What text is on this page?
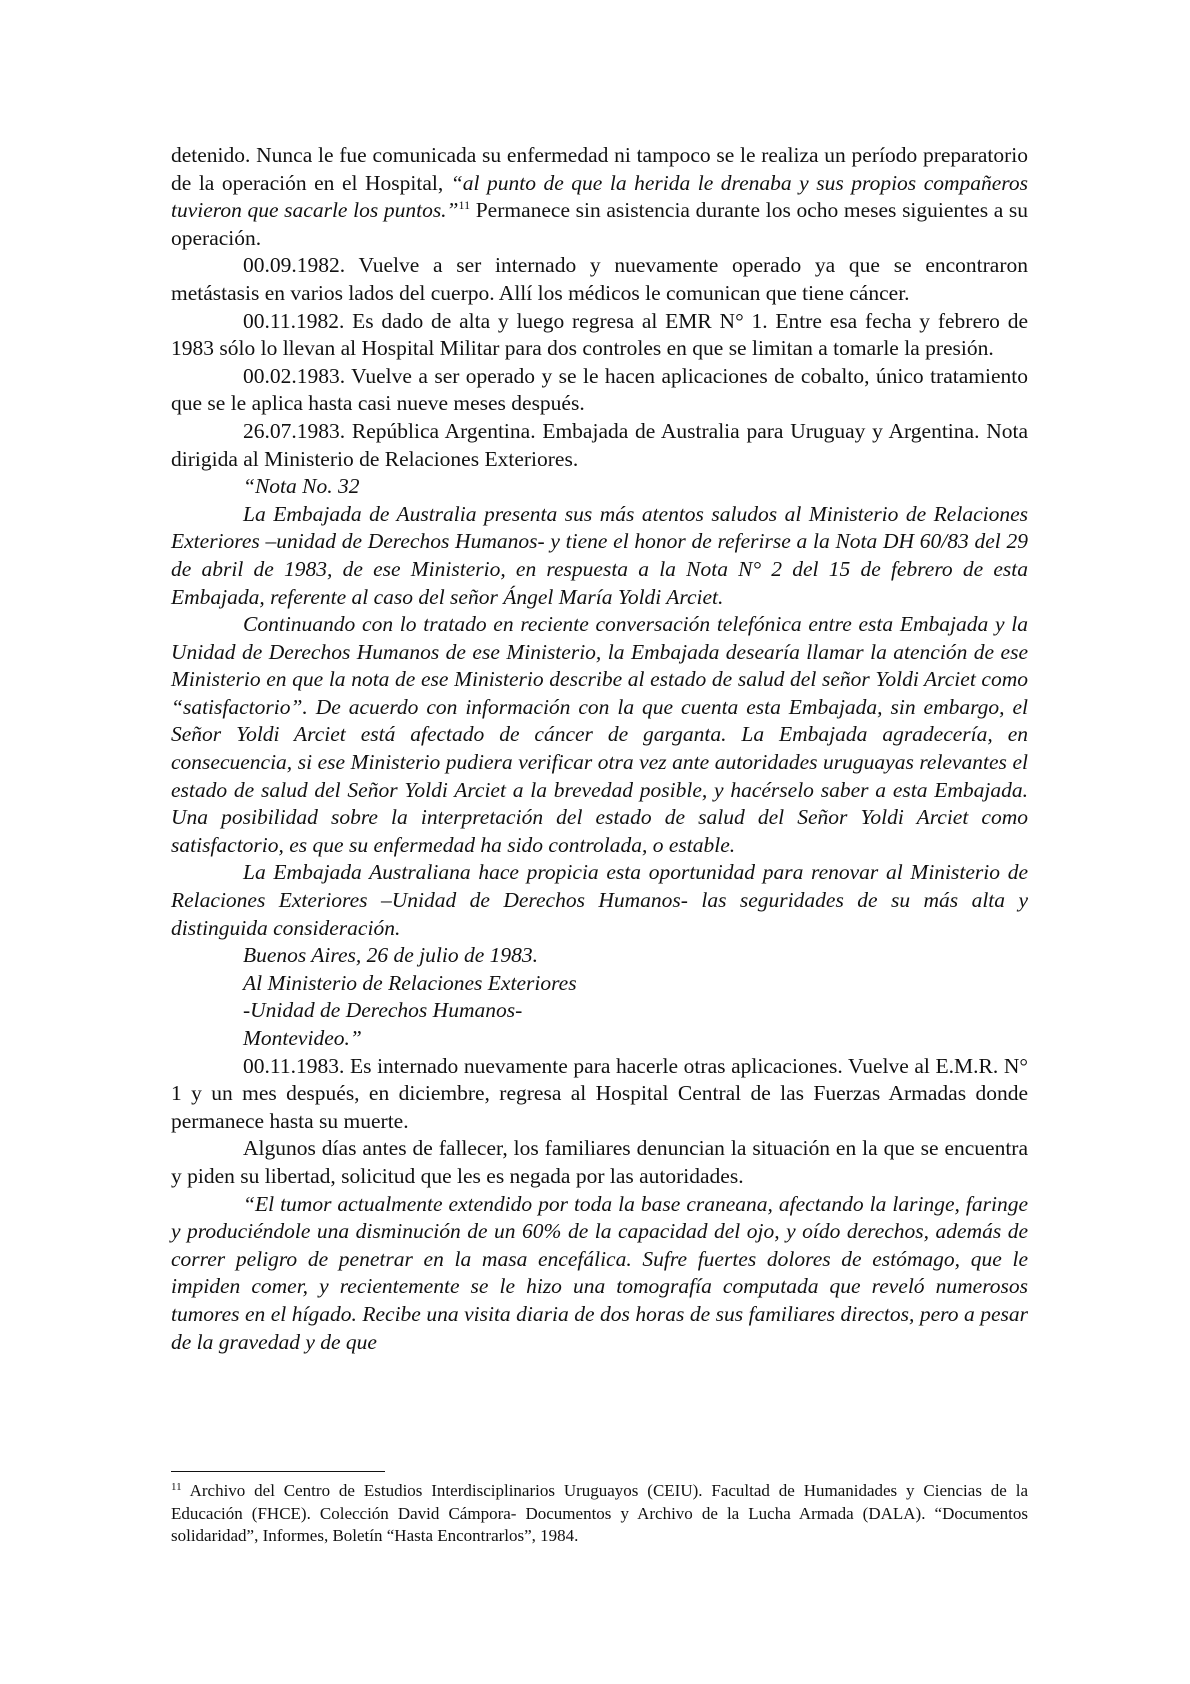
detenido. Nunca le fue comunicada su enfermedad ni tampoco se le realiza un período preparatorio de la operación en el Hospital, “al punto de que la herida le drenaba y sus propios compañeros tuvieron que sacarle los puntos.”$^{11}$ Permanece sin asistencia durante los ocho meses siguientes a su operación.

00.09.1982. Vuelve a ser internado y nuevamente operado ya que se encontraron metástasis en varios lados del cuerpo. Allí los médicos le comunican que tiene cáncer.

00.11.1982. Es dado de alta y luego regresa al EMR N° 1. Entre esa fecha y febrero de 1983 sólo lo llevan al Hospital Militar para dos controles en que se limitan a tomarle la presión.

00.02.1983. Vuelve a ser operado y se le hacen aplicaciones de cobalto, único tratamiento que se le aplica hasta casi nueve meses después.

26.07.1983. República Argentina. Embajada de Australia para Uruguay y Argentina. Nota dirigida al Ministerio de Relaciones Exteriores.

“Nota No. 32

La Embajada de Australia presenta sus más atentos saludos al Ministerio de Relaciones Exteriores –unidad de Derechos Humanos- y tiene el honor de referirse a la Nota DH 60/83 del 29 de abril de 1983, de ese Ministerio, en respuesta a la Nota N° 2 del 15 de febrero de esta Embajada, referente al caso del señor Ángel María Yoldi Arciet.

Continuando con lo tratado en reciente conversación telefónica entre esta Embajada y la Unidad de Derechos Humanos de ese Ministerio, la Embajada desearía llamar la atención de ese Ministerio en que la nota de ese Ministerio describe al estado de salud del señor Yoldi Arciet como “satisfactorio”. De acuerdo con información con la que cuenta esta Embajada, sin embargo, el Señor Yoldi Arciet está afectado de cáncer de garganta. La Embajada agradecería, en consecuencia, si ese Ministerio pudiera verificar otra vez ante autoridades uruguayas relevantes el estado de salud del Señor Yoldi Arciet a la brevedad posible, y hacérselo saber a esta Embajada. Una posibilidad sobre la interpretación del estado de salud del Señor Yoldi Arciet como satisfactorio, es que su enfermedad ha sido controlada, o estable.

La Embajada Australiana hace propicia esta oportunidad para renovar al Ministerio de Relaciones Exteriores –Unidad de Derechos Humanos- las seguridades de su más alta y distinguida consideración.

Buenos Aires, 26 de julio de 1983.

Al Ministerio de Relaciones Exteriores

-Unidad de Derechos Humanos-

Montevideo.”

00.11.1983. Es internado nuevamente para hacerle otras aplicaciones. Vuelve al E.M.R. N° 1 y un mes después, en diciembre, regresa al Hospital Central de las Fuerzas Armadas donde permanece hasta su muerte.

Algunos días antes de fallecer, los familiares denuncian la situación en la que se encuentra y piden su libertad, solicitud que les es negada por las autoridades.

“El tumor actualmente extendido por toda la base craneana, afectando la laringe, faringe y produciéndole una disminución de un 60% de la capacidad del ojo, y oído derechos, además de correr peligro de penetrar en la masa encefálica. Sufre fuertes dolores de estómago, que le impiden comer, y recientemente se le hizo una tomografía computada que reveló numerosos tumores en el hígado. Recibe una visita diaria de dos horas de sus familiares directos, pero a pesar de la gravedad y de que

$^{11}$ Archivo del Centro de Estudios Interdisciplinarios Uruguayos (CEIU). Facultad de Humanidades y Ciencias de la Educación (FHCE). Colección David Cámpora- Documentos y Archivo de la Lucha Armada (DALA). “Documentos solidaridad”, Informes, Boletín “Hasta Encontrarlos”, 1984.
